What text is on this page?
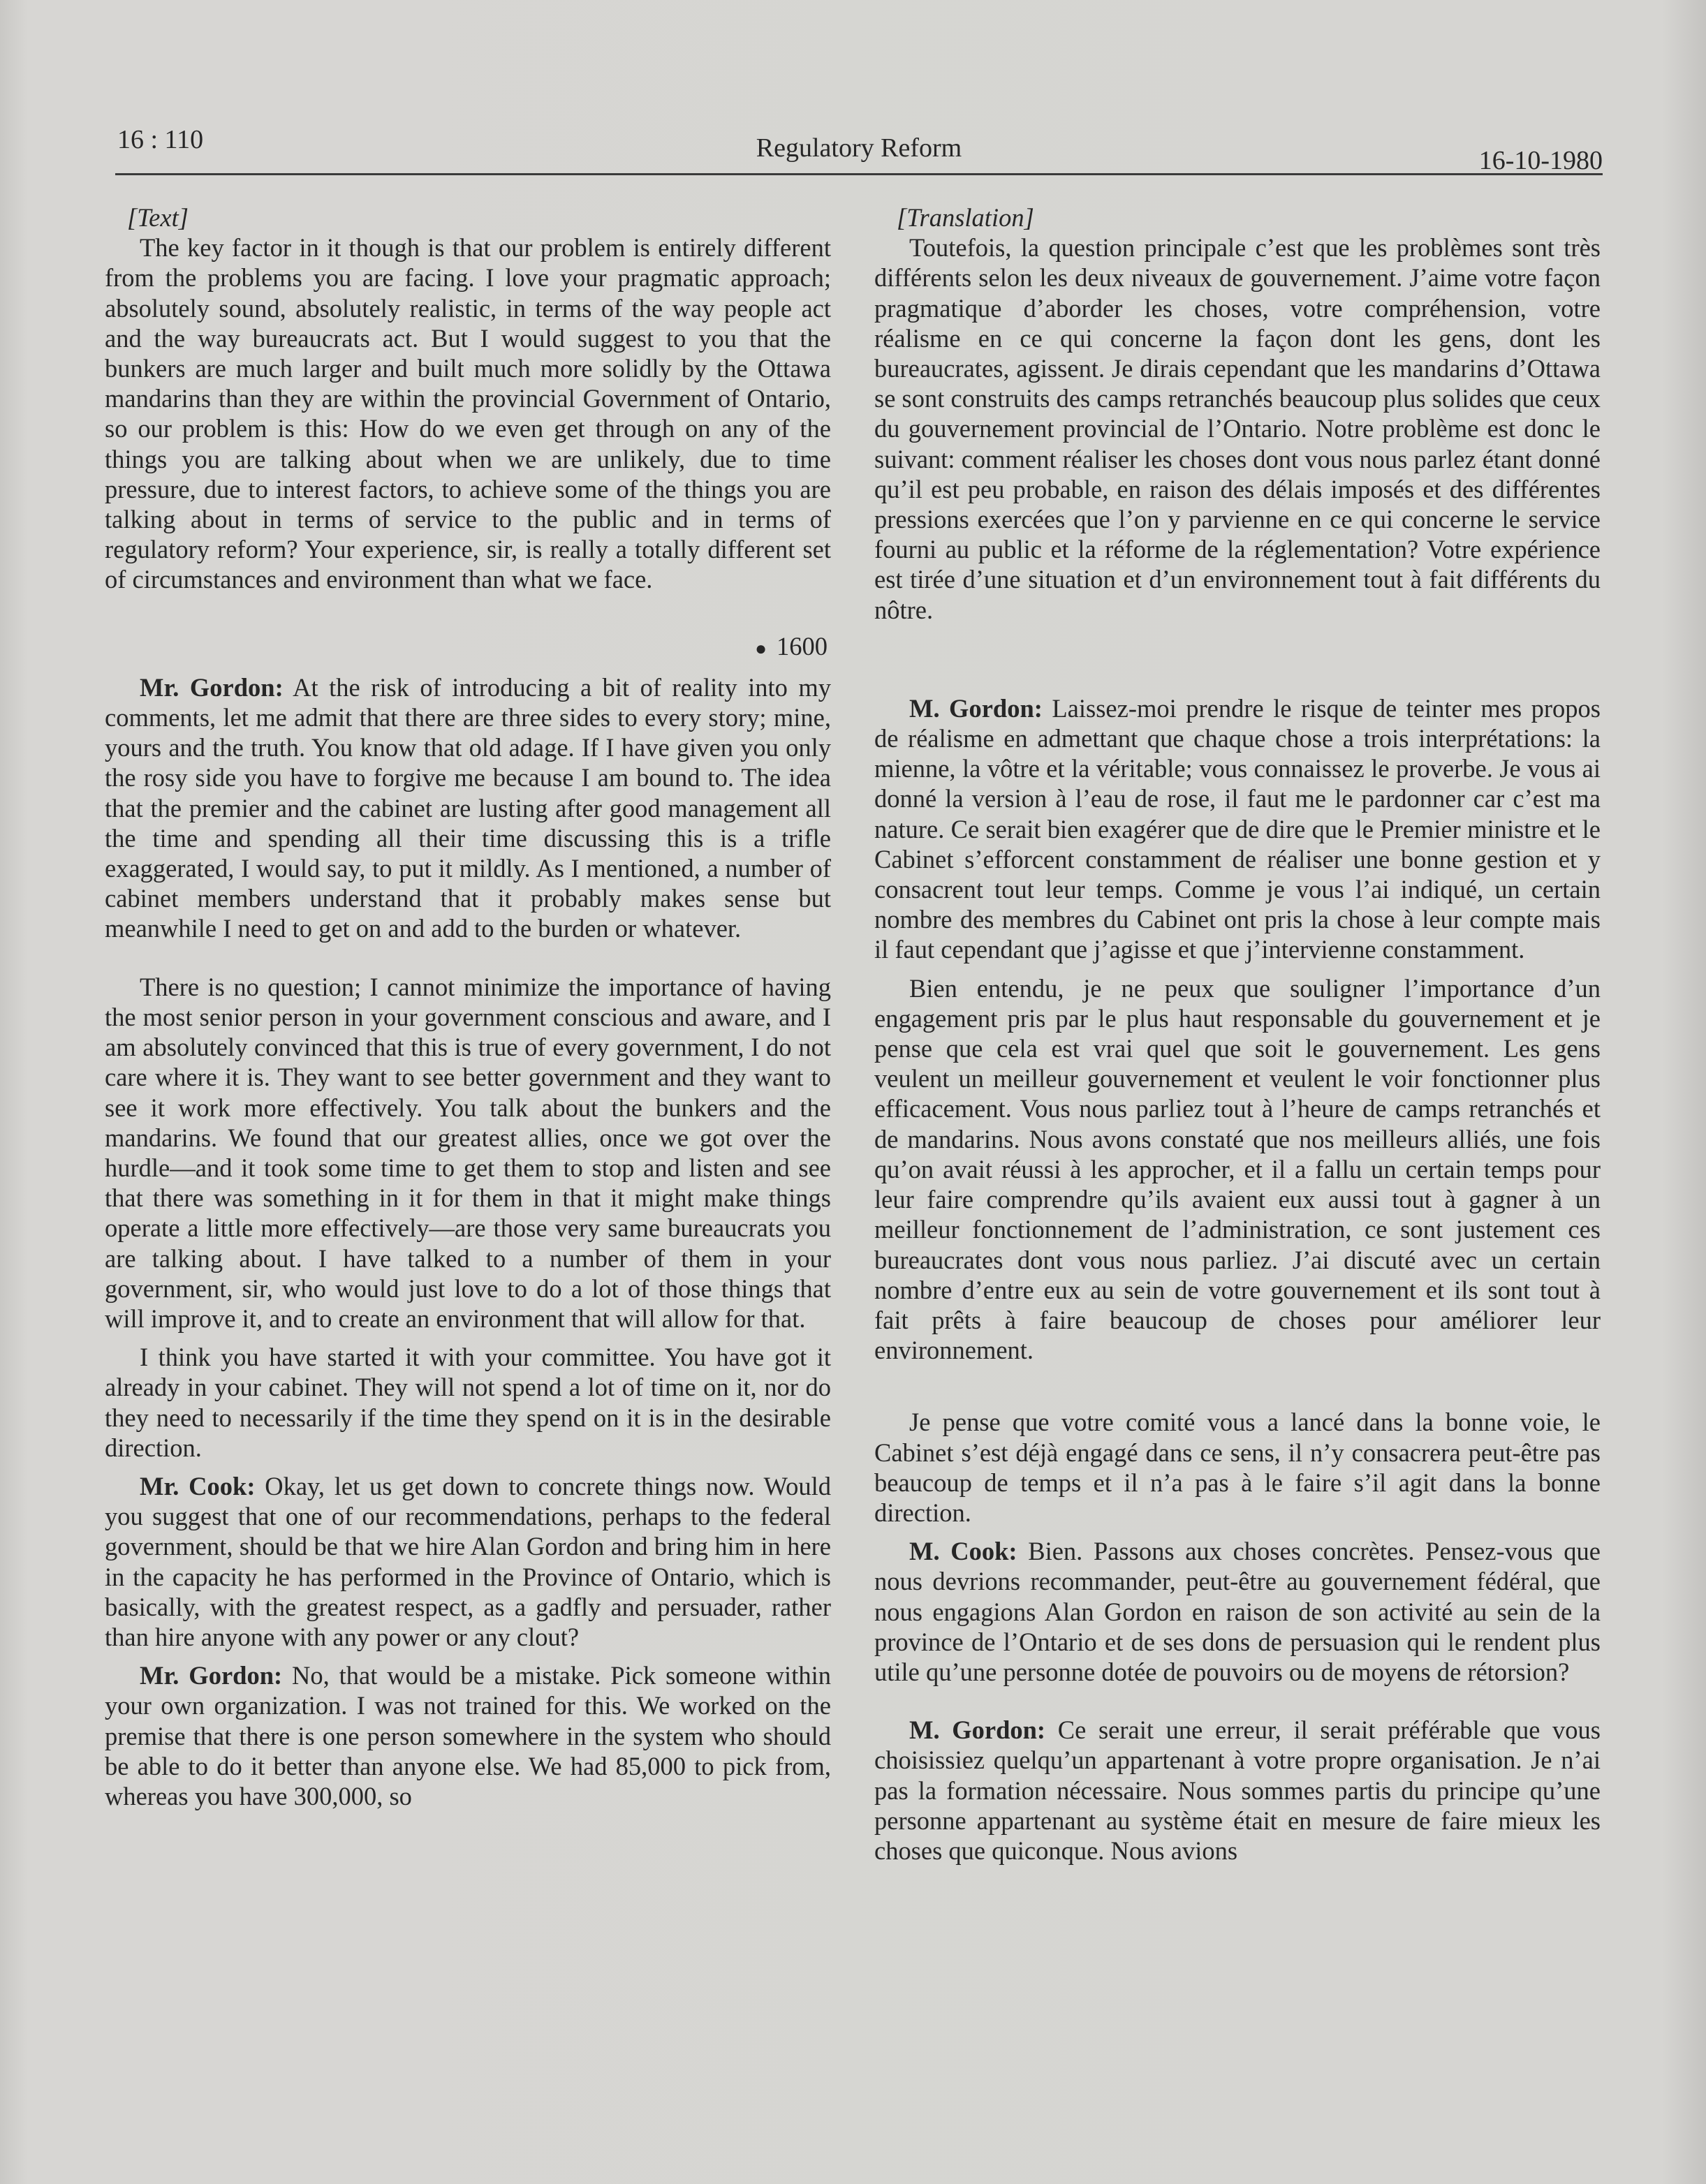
16 : 110	Regulatory Reform	16-10-1980

[Text]

The key factor in it though is that our problem is entirely different from the problems you are facing. I love your pragmatic approach; absolutely sound, absolutely realistic, in terms of the way people act and the way bureaucrats act. But I would suggest to you that the bunkers are much larger and built much more solidly by the Ottawa mandarins than they are within the provincial Government of Ontario, so our problem is this: How do we even get through on any of the things you are talking about when we are unlikely, due to time pressure, due to interest factors, to achieve some of the things you are talking about in terms of service to the public and in terms of regulatory reform? Your experience, sir, is really a totally different set of circumstances and environment than what we face.

● 1600

Mr. Gordon: At the risk of introducing a bit of reality into my comments, let me admit that there are three sides to every story; mine, yours and the truth. You know that old adage. If I have given you only the rosy side you have to forgive me because I am bound to. The idea that the premier and the cabinet are lusting after good management all the time and spending all their time discussing this is a trifle exaggerated, I would say, to put it mildly. As I mentioned, a number of cabinet members understand that it probably makes sense but meanwhile I need to get on and add to the burden or whatever.

There is no question; I cannot minimize the importance of having the most senior person in your government conscious and aware, and I am absolutely convinced that this is true of every government, I do not care where it is. They want to see better government and they want to see it work more effectively. You talk about the bunkers and the mandarins. We found that our greatest allies, once we got over the hurdle—and it took some time to get them to stop and listen and see that there was something in it for them in that it might make things operate a little more effectively—are those very same bureaucrats you are talking about. I have talked to a number of them in your government, sir, who would just love to do a lot of those things that will improve it, and to create an environment that will allow for that.

I think you have started it with your committee. You have got it already in your cabinet. They will not spend a lot of time on it, nor do they need to necessarily if the time they spend on it is in the desirable direction.

Mr. Cook: Okay, let us get down to concrete things now. Would you suggest that one of our recommendations, perhaps to the federal government, should be that we hire Alan Gordon and bring him in here in the capacity he has performed in the Province of Ontario, which is basically, with the greatest respect, as a gadfly and persuader, rather than hire anyone with any power or any clout?

Mr. Gordon: No, that would be a mistake. Pick someone within your own organization. I was not trained for this. We worked on the premise that there is one person somewhere in the system who should be able to do it better than anyone else. We had 85,000 to pick from, whereas you have 300,000, so

[Translation]

Toutefois, la question principale c’est que les problèmes sont très différents selon les deux niveaux de gouvernement. J’aime votre façon pragmatique d’aborder les choses, votre compréhension, votre réalisme en ce qui concerne la façon dont les gens, dont les bureaucrates, agissent. Je dirais cependant que les mandarins d’Ottawa se sont construits des camps retranchés beaucoup plus solides que ceux du gouvernement provincial de l’Ontario. Notre problème est donc le suivant: comment réaliser les choses dont vous nous parlez étant donné qu’il est peu probable, en raison des délais imposés et des différentes pressions exercées que l’on y parvienne en ce qui concerne le service fourni au public et la réforme de la réglementation? Votre expérience est tirée d’une situation et d’un environnement tout à fait différents du nôtre.

M. Gordon: Laissez-moi prendre le risque de teinter mes propos de réalisme en admettant que chaque chose a trois interprétations: la mienne, la vôtre et la véritable; vous connaissez le proverbe. Je vous ai donné la version à l’eau de rose, il faut me le pardonner car c’est ma nature. Ce serait bien exagérer que de dire que le Premier ministre et le Cabinet s’efforcent constamment de réaliser une bonne gestion et y consacrent tout leur temps. Comme je vous l’ai indiqué, un certain nombre des membres du Cabinet ont pris la chose à leur compte mais il faut cependant que j’agisse et que j’intervienne constamment.

Bien entendu, je ne peux que souligner l’importance d’un engagement pris par le plus haut responsable du gouvernement et je pense que cela est vrai quel que soit le gouvernement. Les gens veulent un meilleur gouvernement et veulent le voir fonctionner plus efficacement. Vous nous parliez tout à l’heure de camps retranchés et de mandarins. Nous avons constaté que nos meilleurs alliés, une fois qu’on avait réussi à les approcher, et il a fallu un certain temps pour leur faire comprendre qu’ils avaient eux aussi tout à gagner à un meilleur fonctionnement de l’administration, ce sont justement ces bureaucrates dont vous nous parliez. J’ai discuté avec un certain nombre d’entre eux au sein de votre gouvernement et ils sont tout à fait prêts à faire beaucoup de choses pour améliorer leur environnement.

Je pense que votre comité vous a lancé dans la bonne voie, le Cabinet s’est déjà engagé dans ce sens, il n’y consacrera peut-être pas beaucoup de temps et il n’a pas à le faire s’il agit dans la bonne direction.

M. Cook: Bien. Passons aux choses concrètes. Pensez-vous que nous devrions recommander, peut-être au gouvernement fédéral, que nous engagions Alan Gordon en raison de son activité au sein de la province de l’Ontario et de ses dons de persuasion qui le rendent plus utile qu’une personne dotée de pouvoirs ou de moyens de rétorsion?

M. Gordon: Ce serait une erreur, il serait préférable que vous choisissiez quelqu’un appartenant à votre propre organisation. Je n’ai pas la formation nécessaire. Nous sommes partis du principe qu’une personne appartenant au système était en mesure de faire mieux les choses que quiconque. Nous avions
